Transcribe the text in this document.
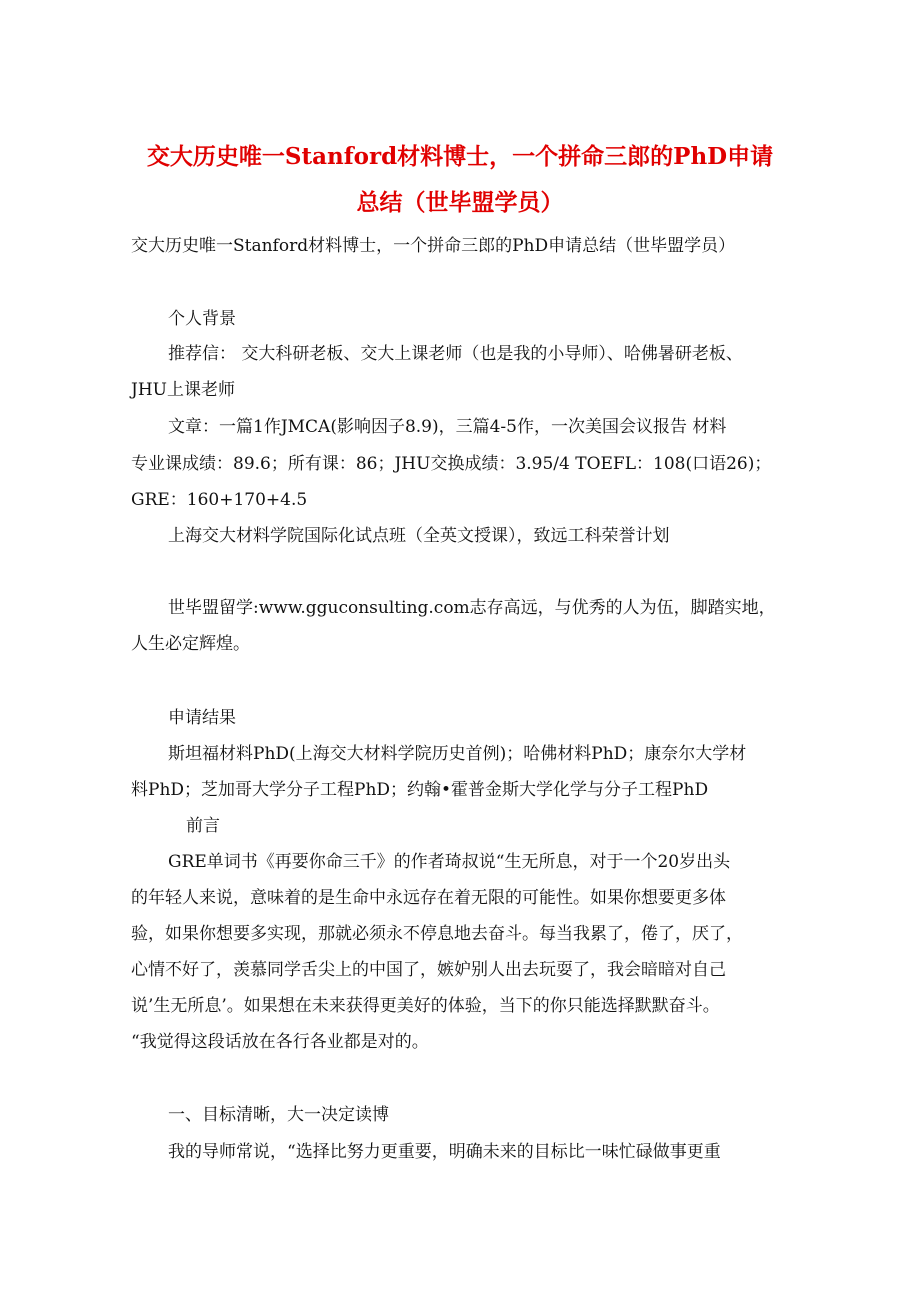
交大历史唯一Stanford材料博士，一个拼命三郎的PhD申请
总结（世毕盟学员）

交大历史唯一Stanford材料博士，一个拼命三郎的PhD申请总结（世毕盟学员）

个人背景

推荐信： 交大科研老板、交大上课老师（也是我的小导师）、哈佛暑研老板、

JHU上课老师

文章：一篇1作JMCA(影响因子8.9)，三篇4-5作，一次美国会议报告 材料

专业课成绩：89.6；所有课：86；JHU交换成绩：3.95/4 TOEFL：108(口语26)；

GRE：160+170+4.5

上海交大材料学院国际化试点班（全英文授课），致远工科荣誉计划

世毕盟留学:www.gguconsulting.com志存高远，与优秀的人为伍，脚踏实地，

人生必定辉煌。

申请结果

斯坦福材料PhD(上海交大材料学院历史首例)；哈佛材料PhD；康奈尔大学材

料PhD；芝加哥大学分子工程PhD；约翰•霍普金斯大学化学与分子工程PhD

前言

GRE单词书《再要你命三千》的作者琦叔说“生无所息，对于一个20岁出头

的年轻人来说，意味着的是生命中永远存在着无限的可能性。如果你想要更多体

验，如果你想要多实现，那就必须永不停息地去奋斗。每当我累了，倦了，厌了，

心情不好了，羡慕同学舌尖上的中国了，嫉妒别人出去玩耍了，我会暗暗对自己

说’生无所息’。如果想在未来获得更美好的体验，当下的你只能选择默默奋斗。

“我觉得这段话放在各行各业都是对的。

一、目标清晰，大一决定读博

我的导师常说，“选择比努力更重要，明确未来的目标比一味忙碌做事更重
